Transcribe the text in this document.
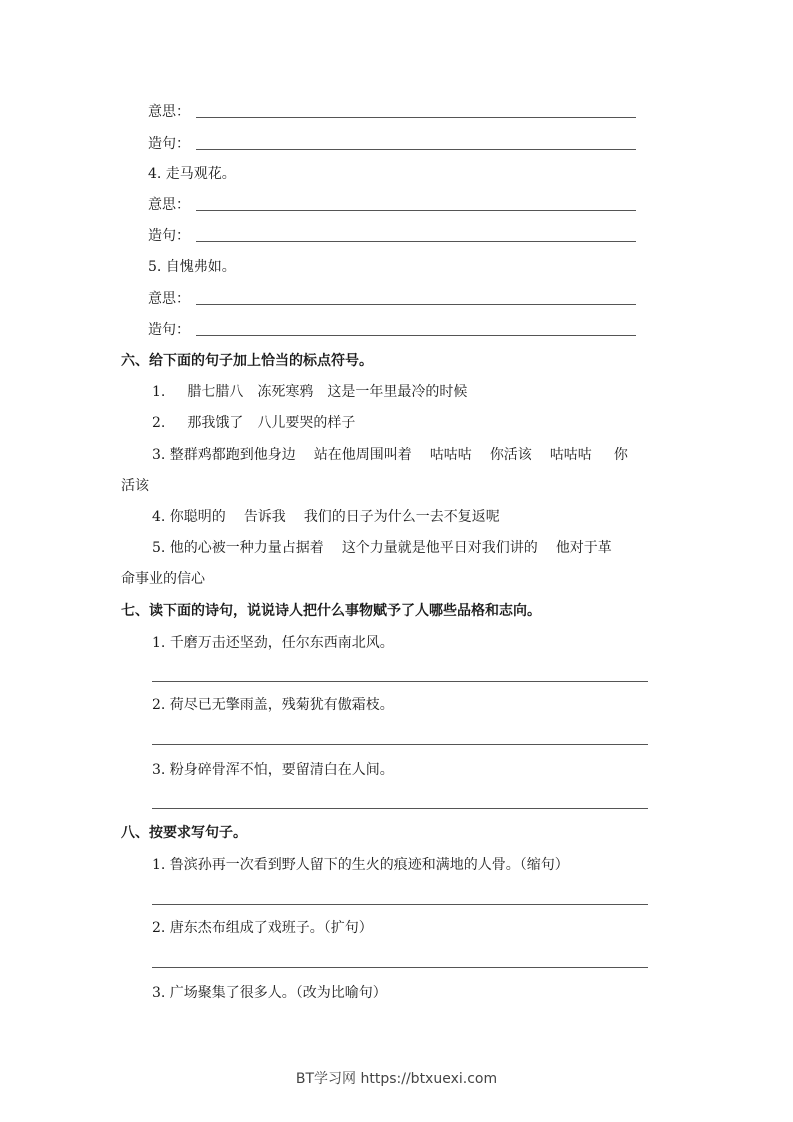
意思：
造句：
4. 走马观花。
意思：
造句：
5. 自愧弗如。
意思：
造句：
六、给下面的句子加上恰当的标点符号。
1. 腊七腊八 冻死寒鸦 这是一年里最冷的时候
2. 那我饿了 八儿要哭的样子
3. 整群鸡都跑到他身边 站在他周围叫着 咕咕咕 你活该 咕咕咕 你
活该
4. 你聪明的 告诉我 我们的日子为什么一去不复返呢
5. 他的心被一种力量占据着 这个力量就是他平日对我们讲的 他对于革
命事业的信心
七、读下面的诗句，说说诗人把什么事物赋予了人哪些品格和志向。
1. 千磨万击还坚劲，任尔东西南北风。
2. 荷尽已无擎雨盖，残菊犹有傲霜枝。
3. 粉身碎骨浑不怕，要留清白在人间。
八、按要求写句子。
1. 鲁滨孙再一次看到野人留下的生火的痕迹和满地的人骨。（缩句）
2. 唐东杰布组成了戏班子。（扩句）
3. 广场聚集了很多人。（改为比喻句）
BT学习网 https://btxuexi.com
